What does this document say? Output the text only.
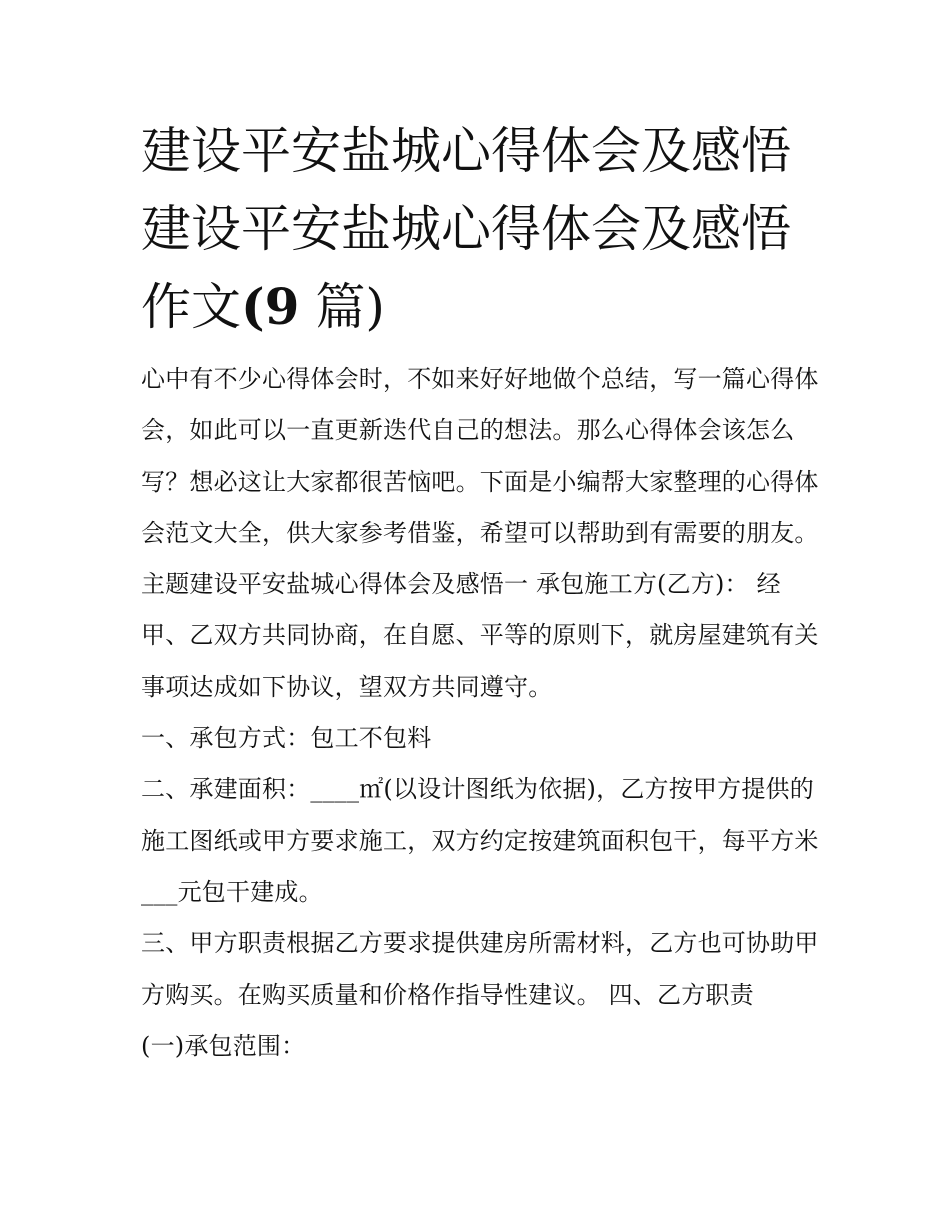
建设平安盐城心得体会及感悟
建设平安盐城心得体会及感悟
作文(9 篇)

心中有不少心得体会时，不如来好好地做个总结，写一篇心得体会，如此可以一直更新迭代自己的想法。那么心得体会该怎么写？想必这让大家都很苦恼吧。下面是小编帮大家整理的心得体会范文大全，供大家参考借鉴，希望可以帮助到有需要的朋友。

主题建设平安盐城心得体会及感悟一 承包施工方(乙方)： 经甲、乙双方共同协商，在自愿、平等的原则下，就房屋建筑有关事项达成如下协议，望双方共同遵守。

一、承包方式：包工不包料

二、承建面积：____㎡(以设计图纸为依据)，乙方按甲方提供的施工图纸或甲方要求施工，双方约定按建筑面积包干，每平方米___元包干建成。

三、甲方职责根据乙方要求提供建房所需材料，乙方也可协助甲方购买。在购买质量和价格作指导性建议。 四、乙方职责

(一)承包范围：
